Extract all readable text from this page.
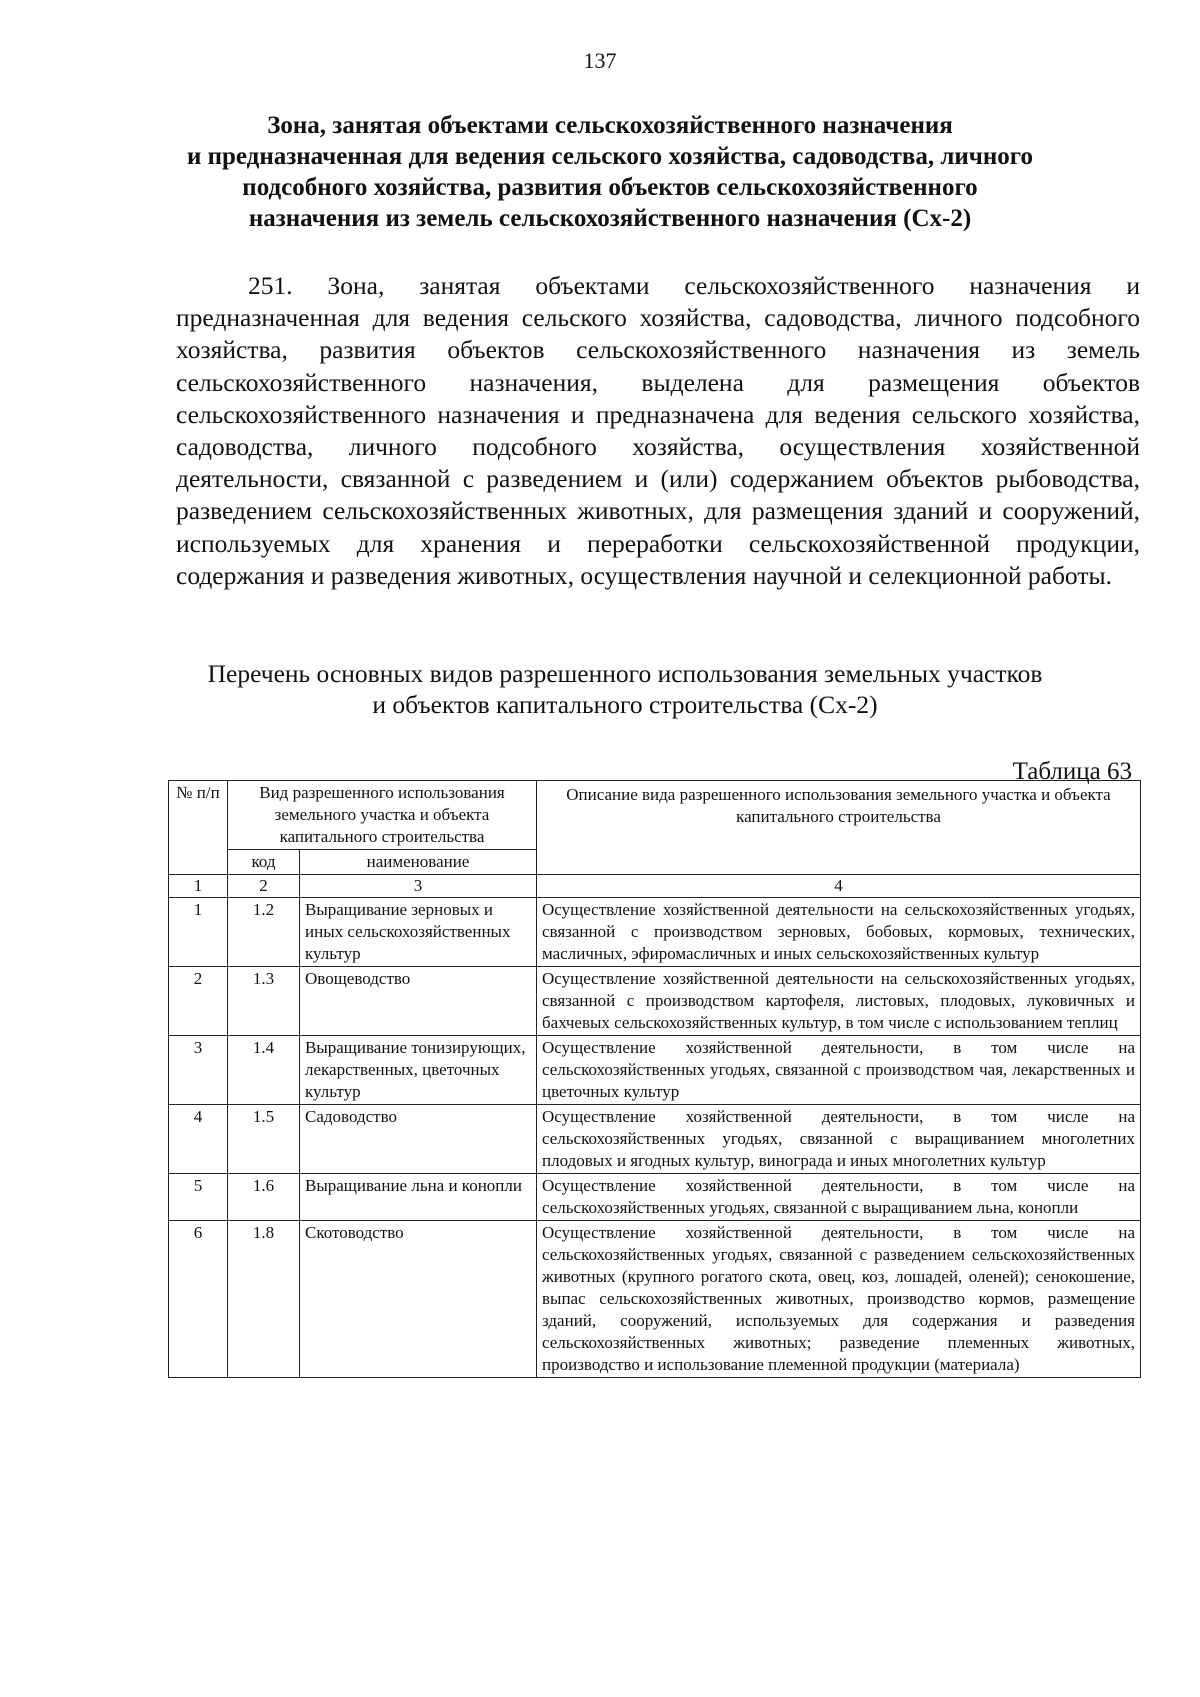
137
Зона, занятая объектами сельскохозяйственного назначения
и предназначенная для ведения сельского хозяйства, садоводства, личного
подсобного хозяйства, развития объектов сельскохозяйственного
назначения из земель сельскохозяйственного назначения (Сх-2)

251. Зона, занятая объектами сельскохозяйственного назначения и предназначенная для ведения сельского хозяйства, садоводства, личного подсобного хозяйства, развития объектов сельскохозяйственного назначения из земель сельскохозяйственного назначения, выделена для размещения объектов сельскохозяйственного назначения и предназначена для ведения сельского хозяйства, садоводства, личного подсобного хозяйства, осуществления хозяйственной деятельности, связанной с разведением и (или) содержанием объектов рыбоводства, разведением сельскохозяйственных животных, для размещения зданий и сооружений, используемых для хранения и переработки сельскохозяйственной продукции, содержания и разведения животных, осуществления научной и селекционной работы.

Перечень основных видов разрешенного использования земельных участков
и объектов капитального строительства (Сх-2)
Таблица 63
№ п/п	Вид разрешенного использования земельного участка и объекта капитального строительства		Описание вида разрешенного использования земельного участка и объекта капитального строительства
	код	наименование	
1	2	3	4
1	1.2	Выращивание зерновых и иных сельскохозяйственных культур	Осуществление хозяйственной деятельности на сельскохозяйственных угодьях, связанной с производством зерновых, бобовых, кормовых, технических, масличных, эфиромасличных и иных сельскохозяйственных культур
2	1.3	Овощеводство	Осуществление хозяйственной деятельности на сельскохозяйственных угодьях, связанной с производством картофеля, листовых, плодовых, луковичных и бахчевых сельскохозяйственных культур, в том числе с использованием теплиц
3	1.4	Выращивание тонизирующих, лекарственных, цветочных культур	Осуществление хозяйственной деятельности, в том числе на сельскохозяйственных угодьях, связанной с производством чая, лекарственных и цветочных культур
4	1.5	Садоводство	Осуществление хозяйственной деятельности, в том числе на сельскохозяйственных угодьях, связанной с выращиванием многолетних плодовых и ягодных культур, винограда и иных многолетних культур
5	1.6	Выращивание льна и конопли	Осуществление хозяйственной деятельности, в том числе на сельскохозяйственных угодьях, связанной с выращиванием льна, конопли
6	1.8	Скотоводство	Осуществление хозяйственной деятельности, в том числе на сельскохозяйственных угодьях, связанной с разведением сельскохозяйственных животных (крупного рогатого скота, овец, коз, лошадей, оленей); сенокошение, выпас сельскохозяйственных животных, производство кормов, размещение зданий, сооружений, используемых для содержания и разведения сельскохозяйственных животных; разведение племенных животных, производство и использование племенной продукции (материала)
